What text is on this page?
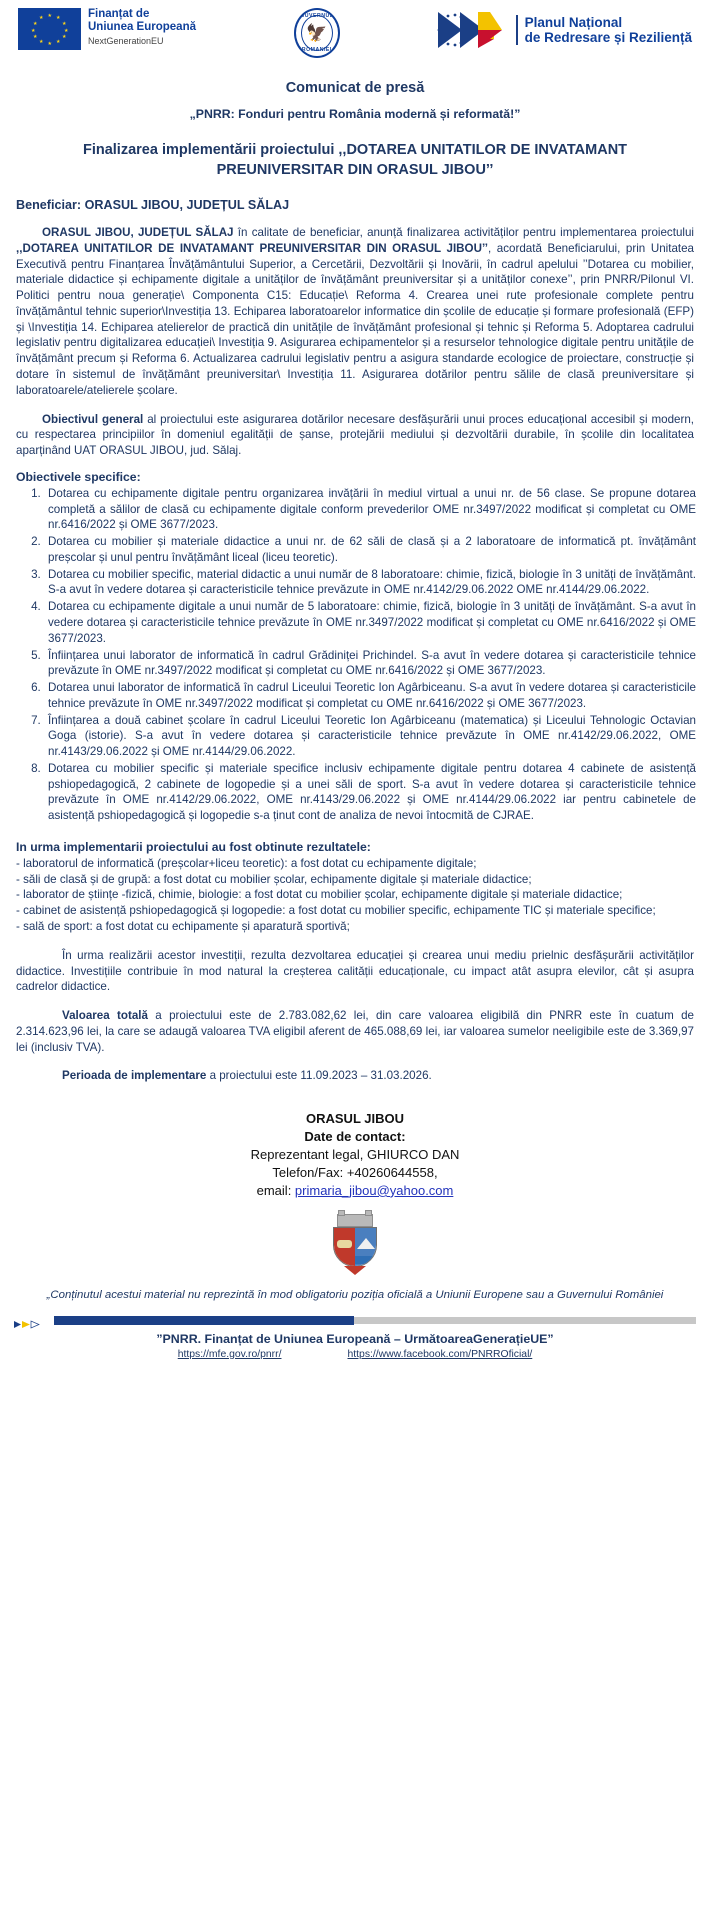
★ ★
★
★
★
★
★
★
★
★
★
★	Finanțat de
Uniunea Europeană
NextGenerationEU
GUVERNUL
🦅
ROMANIEI
Planul Național
de Redresare și Reziliență
Comunicat de presă
„PNRR: Fonduri pentru România modernă și reformată!”
Finalizarea implementării proiectului ,,DOTAREA UNITATILOR DE INVATAMANT PREUNIVERSITAR DIN ORASUL JIBOU’’
Beneficiar: ORASUL JIBOU, JUDEȚUL SĂLAJ
ORASUL JIBOU, JUDEȚUL SĂLAJ în calitate de beneficiar, anunță finalizarea activităților pentru implementarea proiectului ,,DOTAREA UNITATILOR DE INVATAMANT PREUNIVERSITAR DIN ORASUL JIBOU’’, acordată Beneficiarului, prin Unitatea Executivă pentru Finanțarea Învățământului Superior, a Cercetării, Dezvoltării și Inovării, în cadrul apelului ’’Dotarea cu mobilier, materiale didactice și echipamente digitale a unităților de învățământ preuniversitar și a unităților conexe’’, prin PNRR/Pilonul VI. Politici pentru noua generație\ Componenta C15: Educație\ Reforma 4. Crearea unei rute profesionale complete pentru învățământul tehnic superior\Investiția 13. Echiparea laboratoarelor informatice din școlile de educație și formare profesională (EFP) și \Investiția 14. Echiparea atelierelor de practică din unitățile de învățământ profesional și tehnic și Reforma 5. Adoptarea cadrului legislativ pentru digitalizarea educației\ Investiția 9. Asigurarea echipamentelor și a resurselor tehnologice digitale pentru unitățile de învățământ precum și Reforma 6. Actualizarea cadrului legislativ pentru a asigura standarde ecologice de proiectare, construcție și dotare în sistemul de învățământ preuniversitar\ Investiția 11. Asigurarea dotărilor pentru sălile de clasă preuniversitare și laboratoarele/atelierele școlare.
Obiectivul general al proiectului este asigurarea dotărilor necesare desfășurării unui proces educațional accesibil și modern, cu respectarea principiilor în domeniul egalității de șanse, protejării mediului și dezvoltării durabile, în școlile din localitatea aparținând UAT ORASUL JIBOU, jud. Sălaj.
Obiectivele specifice:
1. Dotarea cu echipamente digitale pentru organizarea invățării în mediul virtual a unui nr. de 56 clase. Se propune dotarea completă a sălilor de clasă cu echipamente digitale conform prevederilor OME nr.3497/2022 modificat și completat cu OME nr.6416/2022 și OME 3677/2023.
2. Dotarea cu mobilier și materiale didactice a unui nr. de 62 săli de clasă și a 2 laboratoare de informatică pt. învățământ preșcolar și unul pentru învățământ liceal (liceu teoretic).
3. Dotarea cu mobilier specific, material didactic a unui număr de 8 laboratoare: chimie, fizică, biologie în 3 unități de învățământ. S-a avut în vedere dotarea și caracteristicile tehnice prevăzute in OME nr.4142/29.06.2022 OME nr.4144/29.06.2022.
4. Dotarea cu echipamente digitale a unui număr de 5 laboratoare: chimie, fizică, biologie în 3 unități de învățământ. S-a avut în vedere dotarea și caracteristicile tehnice prevăzute în OME nr.3497/2022 modificat și completat cu OME nr.6416/2022 și OME 3677/2023.
5. Înființarea unui laborator de informatică în cadrul Grădiniței Prichindel. S-a avut în vedere dotarea și caracteristicile tehnice prevăzute în OME nr.3497/2022 modificat și completat cu OME nr.6416/2022 și OME 3677/2023.
6. Dotarea unui laborator de informatică în cadrul Liceului Teoretic Ion Agârbiceanu. S-a avut în vedere dotarea și caracteristicile tehnice prevăzute în OME nr.3497/2022 modificat și completat cu OME nr.6416/2022 și OME 3677/2023.
7. Înființarea a două cabinet școlare în cadrul Liceului Teoretic Ion Agârbiceanu (matematica) și Liceului Tehnologic Octavian Goga (istorie). S-a avut în vedere dotarea și caracteristicile tehnice prevăzute în OME nr.4142/29.06.2022, OME nr.4143/29.06.2022 și OME nr.4144/29.06.2022.
8. Dotarea cu mobilier specific și materiale specifice inclusiv echipamente digitale pentru dotarea 4 cabinete de asistență pshiopedagogică, 2 cabinete de logopedie și a unei săli de sport. S-a avut în vedere dotarea și caracteristicile tehnice prevăzute în OME nr.4142/29.06.2022, OME nr.4143/29.06.2022 și OME nr.4144/29.06.2022 iar pentru cabinetele de asistență pshiopedagogică și logopedie s-a ținut cont de analiza de nevoi întocmită de CJRAE.
In urma implementarii proiectului au fost obtinute rezultatele:
- laboratorul de informatică (preșcolar+liceu teoretic): a fost dotat cu echipamente digitale;
- săli de clasă și de grupă: a fost dotat cu mobilier școlar, echipamente digitale și materiale didactice;
- laborator de științe -fizică, chimie, biologie: a fost dotat cu mobilier școlar, echipamente digitale și materiale didactice;
- cabinet de asistență pshiopedagogică și logopedie: a fost dotat cu mobilier specific, echipamente TIC și materiale specifice;
- sală de sport: a fost dotat cu echipamente și aparatură sportivă;
În urma realizării acestor investiții, rezulta dezvoltarea educației și crearea unui mediu prielnic desfășurării activităților didactice. Investițiile contribuie în mod natural la creșterea calității educaționale, cu impact atât asupra elevilor, cât și asupra cadrelor didactice.
Valoarea totală a proiectului este de 2.783.082,62 lei, din care valoarea eligibilă din PNRR este în cuatum de 2.314.623,96 lei, la care se adaugă valoarea TVA eligibil aferent de 465.088,69 lei, iar valoarea sumelor neeligibile este de 3.369,97 lei (inclusiv TVA).
Perioada de implementare a proiectului este 11.09.2023 – 31.03.2026.
ORASUL JIBOU
Date de contact:
Reprezentant legal, GHIURCO DAN
Telefon/Fax: +40260644558,
email: primaria_jibou@yahoo.com
„Conținutul acestui material nu reprezintă în mod obligatoriu poziția oficială a Uniunii Europene sau a Guvernului României
”PNRR. Finanțat de Uniunea Europeană – UrmătoareaGenerațieUE”
https://mfe.gov.ro/pnrr/	https://www.facebook.com/PNRROficial/
